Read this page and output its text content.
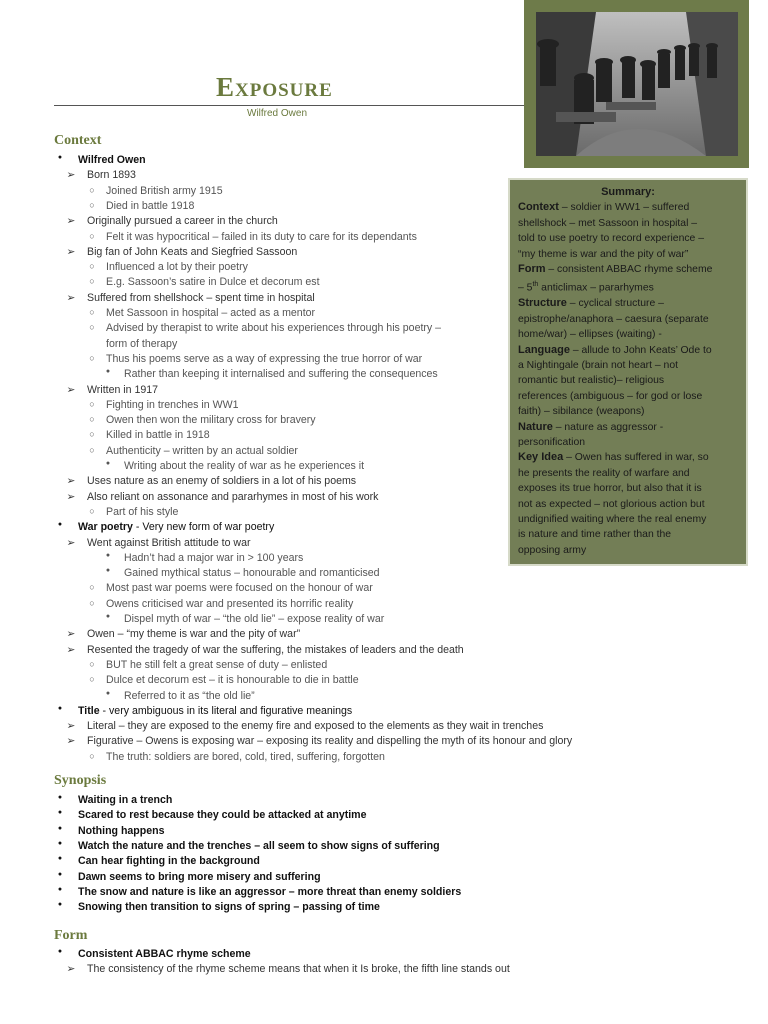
Exposure
Wilfred Owen
Summary:
Context – soldier in WW1 – suffered
shellshock – met Sassoon in hospital –
told to use poetry to record experience –
“my theme is war and the pity of war”
Form – consistent ABBAC rhyme scheme
– 5th anticlimax – pararhymes
Structure – cyclical structure –
epistrophe/anaphora – caesura (separate
home/war) – ellipses (waiting) -
Language – allude to John Keats’ Ode to
a Nightingale (brain not heart – not
romantic but realistic)– religious
references (ambiguous – for god or lose
faith) – sibilance (weapons)
Nature – nature as aggressor -
personification
Key Idea – Owen has suffered in war, so
he presents the reality of warfare and
exposes its true horror, but also that it is
not as expected – not glorious action but
undignified waiting where the real enemy
is nature and time rather than the
opposing army
Context
●	Wilfred Owen
➢	Born 1893
○	Joined British army 1915
○	Died in battle 1918
➢	Originally pursued a career in the church
○	Felt it was hypocritical – failed in its duty to care for its dependants
➢	Big fan of John Keats and Siegfried Sassoon
○	Influenced a lot by their poetry
○	E.g. Sassoon’s satire in Dulce et decorum est
➢	Suffered from shellshock – spent time in hospital
○	Met Sassoon in hospital – acted as a mentor
○	Advised by therapist to write about his experiences through his poetry –
form of therapy
○	Thus his poems serve as a way of expressing the true horror of war
●	Rather than keeping it internalised and suffering the consequences
➢	Written in 1917
○	Fighting in trenches in WW1
○	Owen then won the military cross for bravery
○	Killed in battle in 1918
○	Authenticity – written by an actual soldier
●	Writing about the reality of war as he experiences it
➢	Uses nature as an enemy of soldiers in a lot of his poems
➢	Also reliant on assonance and pararhymes in most of his work
○	Part of his style
●	War poetry - Very new form of war poetry
➢	Went against British attitude to war
●	Hadn’t had a major war in > 100 years
●	Gained mythical status – honourable and romanticised
○	Most past war poems were focused on the honour of war
○	Owens criticised war and presented its horrific reality
●	Dispel myth of war – “the old lie” – expose reality of war
➢	Owen – “my theme is war and the pity of war”
➢	Resented the tragedy of war the suffering, the mistakes of leaders and the death
○	BUT he still felt a great sense of duty – enlisted
○	Dulce et decorum est – it is honourable to die in battle
●	Referred to it as “the old lie”
●	Title - very ambiguous in its literal and figurative meanings
➢	Literal – they are exposed to the enemy fire and exposed to the elements as they wait in trenches
➢	Figurative – Owens is exposing war – exposing its reality and dispelling the myth of its honour and glory
○	The truth: soldiers are bored, cold, tired, suffering, forgotten
Synopsis
●	Waiting in a trench
●	Scared to rest because they could be attacked at anytime
●	Nothing happens
●	Watch the nature and the trenches – all seem to show signs of suffering
●	Can hear fighting in the background
●	Dawn seems to bring more misery and suffering
●	The snow and nature is like an aggressor – more threat than enemy soldiers
●	Snowing then transition to signs of spring – passing of time
Form
●	Consistent ABBAC rhyme scheme
➢	The consistency of the rhyme scheme means that when it Is broke, the fifth line stands out
